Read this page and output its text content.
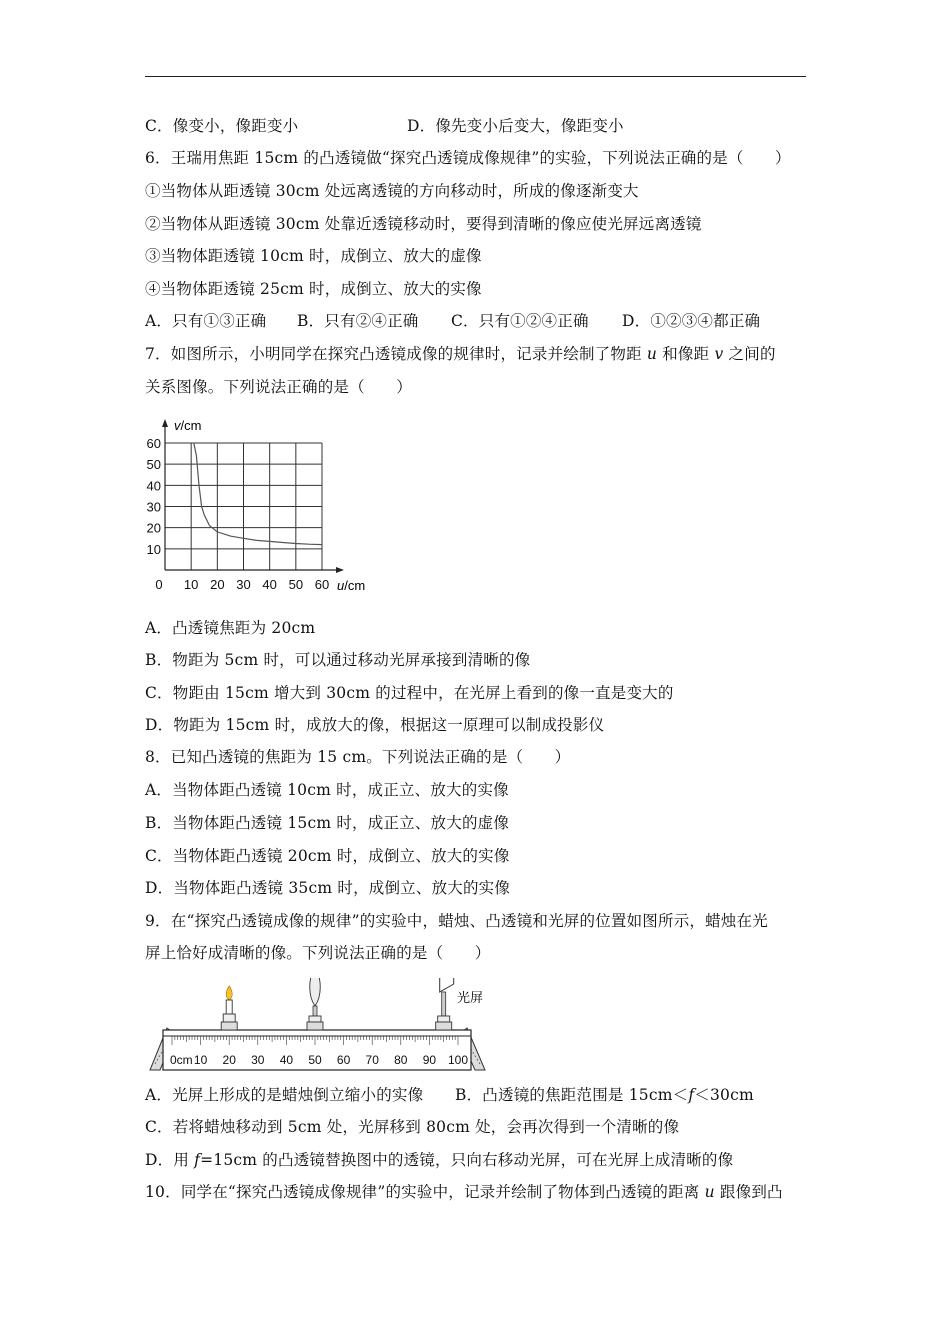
C．像变小，像距变小	D．像先变小后变大，像距变小
6．王瑞用焦距 15cm 的凸透镜做“探究凸透镜成像规律”的实验，下列说法正确的是（　　）
①当物体从距透镜 30cm 处远离透镜的方向移动时，所成的像逐渐变大
②当物体从距透镜 30cm 处靠近透镜移动时，要得到清晰的像应使光屏远离透镜
③当物体距透镜 10cm 时，成倒立、放大的虚像
④当物体距透镜 25cm 时，成倒立、放大的实像
A．只有①③正确 B．只有②④正确 C．只有①②④正确 D．①②③④都正确
7．如图所示，小明同学在探究凸透镜成像的规律时，记录并绘制了物距 u 和像距 v 之间的
关系图像。下列说法正确的是（　　）
0 10 20 30 40 50 60
10
20
30
40
50
60
v/cm
u/cm
A．凸透镜焦距为 20cm
B．物距为 5cm 时，可以通过移动光屏承接到清晰的像
C．物距由 15cm 增大到 30cm 的过程中，在光屏上看到的像一直是变大的
D．物距为 15cm 时，成放大的像，根据这一原理可以制成投影仪
8．已知凸透镜的焦距为 15 cm。下列说法正确的是（　　）
A．当物体距凸透镜 10cm 时，成正立、放大的实像
B．当物体距凸透镜 15cm 时，成正立、放大的虚像
C．当物体距凸透镜 20cm 时，成倒立、放大的实像
D．当物体距凸透镜 35cm 时，成倒立、放大的实像
9．在“探究凸透镜成像的规律”的实验中，蜡烛、凸透镜和光屏的位置如图所示，蜡烛在光
屏上恰好成清晰的像。下列说法正确的是（　　）
0cm 10 20 30 40 50 60 70 80 90 100
光屏
A．光屏上形成的是蜡烛倒立缩小的实像 B．凸透镜的焦距范围是 15cm＜f＜30cm
C．若将蜡烛移动到 5cm 处，光屏移到 80cm 处，会再次得到一个清晰的像
D．用 f=15cm 的凸透镜替换图中的透镜，只向右移动光屏，可在光屏上成清晰的像
10．同学在“探究凸透镜成像规律”的实验中，记录并绘制了物体到凸透镜的距离 u 跟像到凸
